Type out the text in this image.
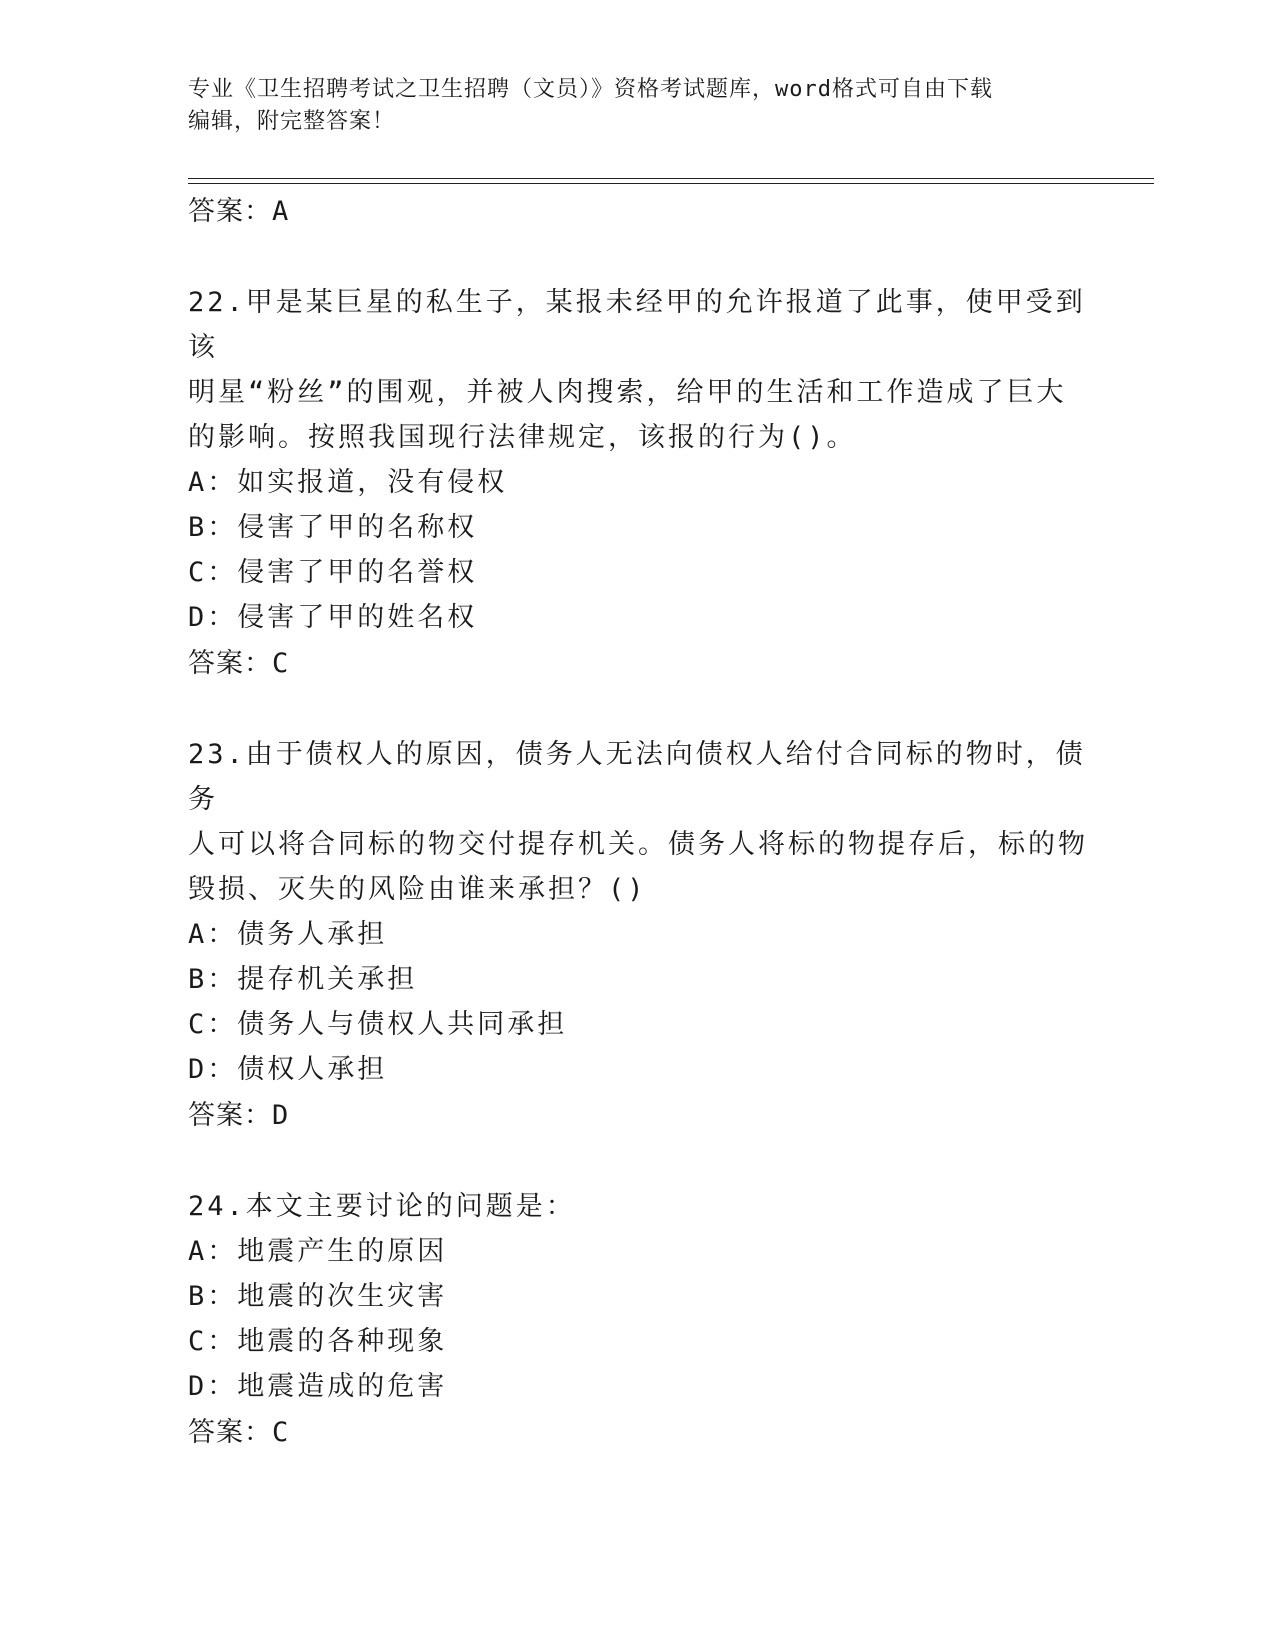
专业《卫生招聘考试之卫生招聘（文员）》资格考试题库，word格式可自由下载
编辑，附完整答案！
答案：A
22.甲是某巨星的私生子，某报未经甲的允许报道了此事，使甲受到该
明星“粉丝”的围观，并被人肉搜索，给甲的生活和工作造成了巨大
的影响。按照我国现行法律规定，该报的行为()。
A：如实报道，没有侵权
B：侵害了甲的名称权
C：侵害了甲的名誉权
D：侵害了甲的姓名权
答案：C
23.由于债权人的原因，债务人无法向债权人给付合同标的物时，债务
人可以将合同标的物交付提存机关。债务人将标的物提存后，标的物
毁损、灭失的风险由谁来承担？()
A：债务人承担
B：提存机关承担
C：债务人与债权人共同承担
D：债权人承担
答案：D
24.本文主要讨论的问题是：
A：地震产生的原因
B：地震的次生灾害
C：地震的各种现象
D：地震造成的危害
答案：C
